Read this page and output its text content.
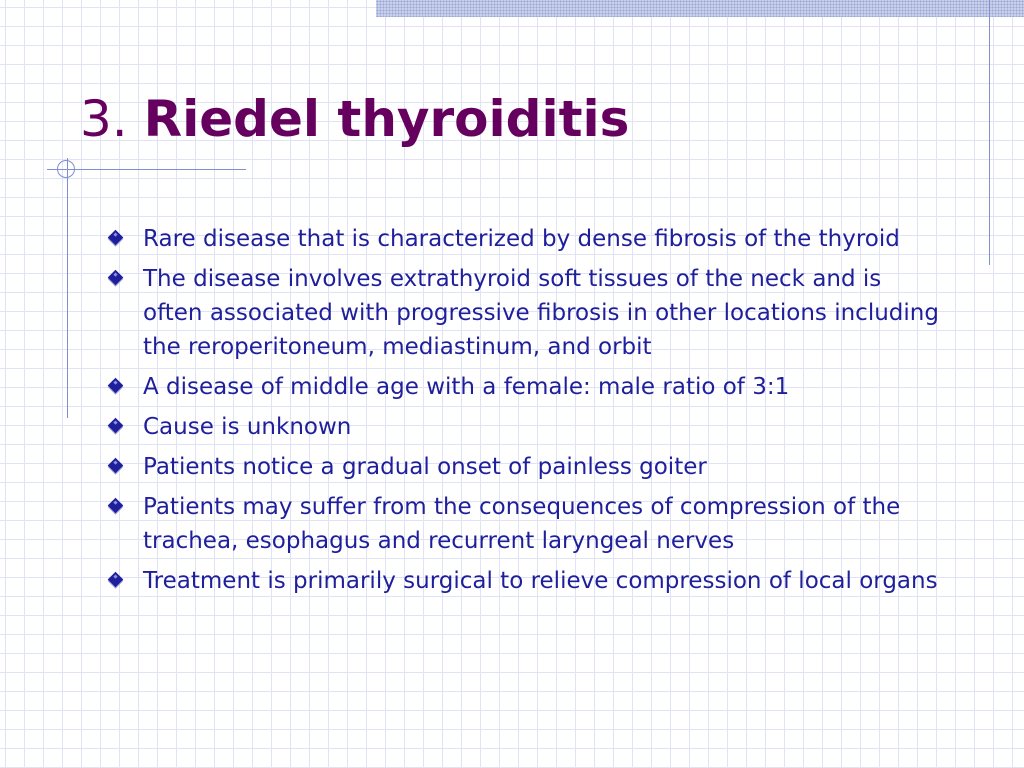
3. Riedel thyroiditis
Rare disease that is characterized by dense fibrosis of the thyroid
The disease involves extrathyroid soft tissues of the neck and is often associated with progressive fibrosis in other locations including the reroperitoneum, mediastinum, and orbit
A disease of middle age with a female: male ratio of 3:1
Cause is unknown
Patients notice a gradual onset of painless goiter
Patients may suffer from the consequences of compression of the trachea, esophagus and recurrent laryngeal nerves
Treatment is primarily surgical to relieve compression of local organs
